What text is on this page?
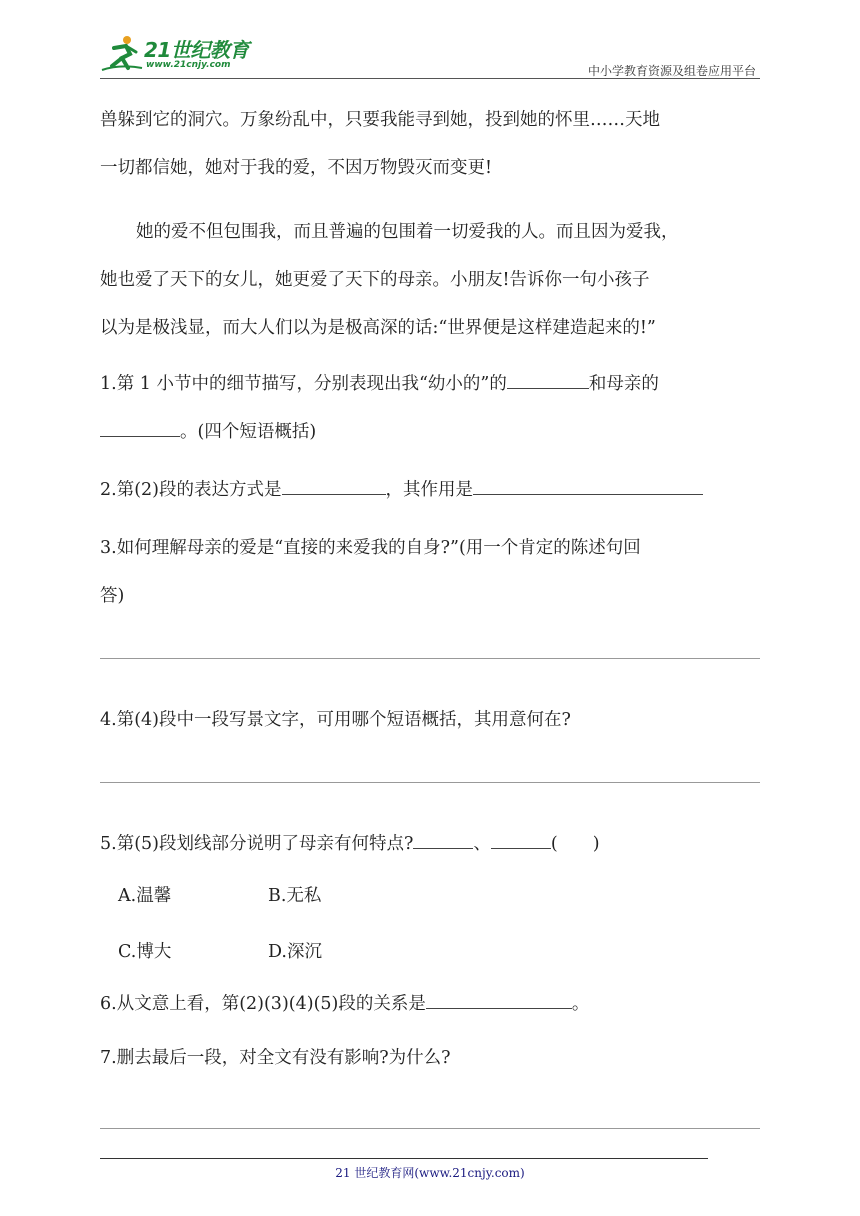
21世纪教育
www.21cnjy.com	中小学教育资源及组卷应用平台

兽躲到它的洞穴。万象纷乱中，只要我能寻到她，投到她的怀里……天地

一切都信她，她对于我的爱，不因万物毁灭而变更!

她的爱不但包围我，而且普遍的包围着一切爱我的人。而且因为爱我，

她也爱了天下的女儿，她更爱了天下的母亲。小朋友!告诉你一句小孩子

以为是极浅显，而大人们以为是极高深的话:“世界便是这样建造起来的!”

1.第 1 小节中的细节描写，分别表现出我“幼小的”的	和母亲的

。(四个短语概括)

2.第(2)段的表达方式是	，其作用是

3.如何理解母亲的爱是“直接的来爱我的自身?”(用一个肯定的陈述句回

答)

4.第(4)段中一段写景文字，可用哪个短语概括，其用意何在?

5.第(5)段划线部分说明了母亲有何特点?	、	(　　)

A.温馨	B.无私
C.博大	D.深沉

6.从文意上看，第(2)(3)(4)(5)段的关系是	。

7.删去最后一段，对全文有没有影响?为什么?

21 世纪教育网(www.21cnjy.com)
